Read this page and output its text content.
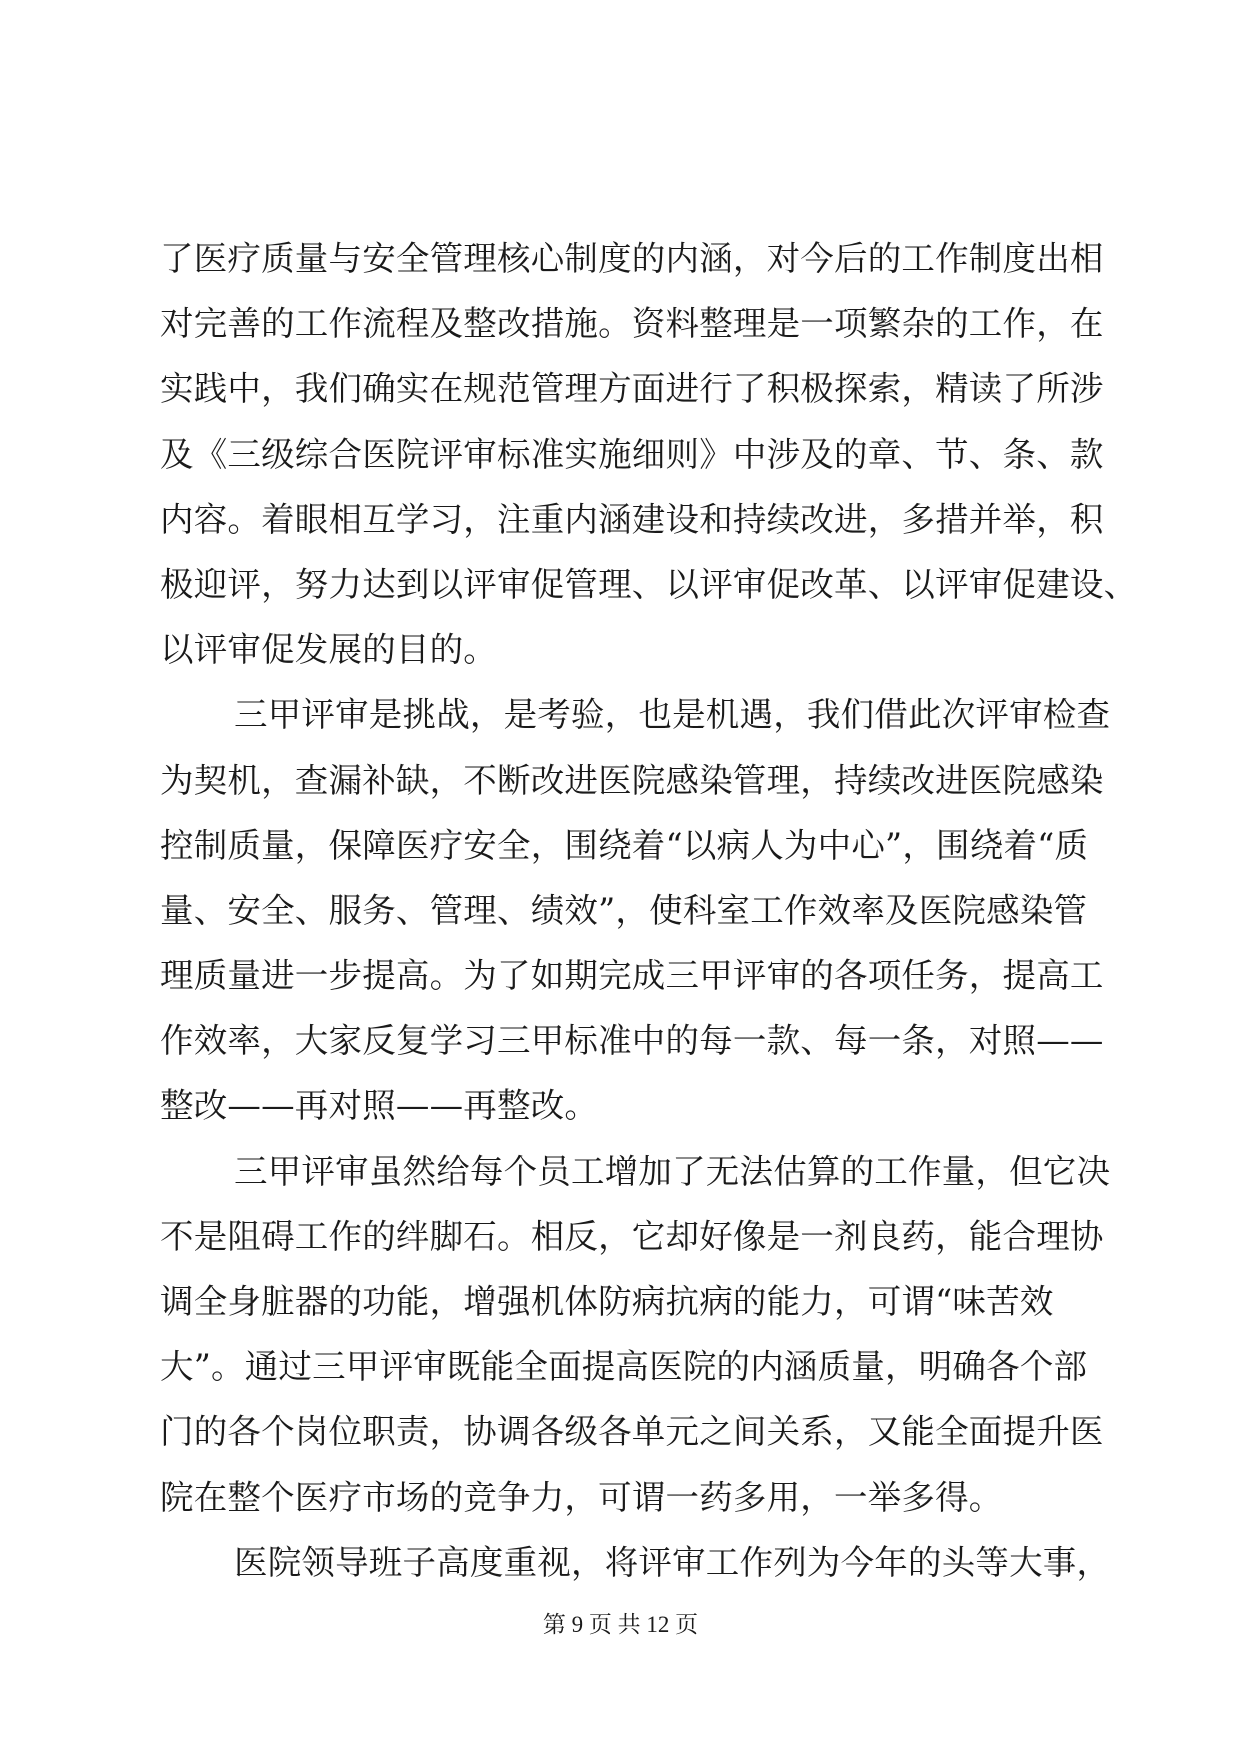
了医疗质量与安全管理核心制度的内涵，对今后的工作制度出相
对完善的工作流程及整改措施。资料整理是一项繁杂的工作，在
实践中，我们确实在规范管理方面进行了积极探索，精读了所涉
及《三级综合医院评审标准实施细则》中涉及的章、节、条、款
内容。着眼相互学习，注重内涵建设和持续改进，多措并举，积
极迎评，努力达到以评审促管理、以评审促改革、以评审促建设、
以评审促发展的目的。
三甲评审是挑战，是考验，也是机遇，我们借此次评审检查
为契机，查漏补缺，不断改进医院感染管理，持续改进医院感染
控制质量，保障医疗安全，围绕着“以病人为中心”，围绕着“质
量、安全、服务、管理、绩效”，使科室工作效率及医院感染管
理质量进一步提高。为了如期完成三甲评审的各项任务，提高工
作效率，大家反复学习三甲标准中的每一款、每一条，对照——
整改——再对照——再整改。
三甲评审虽然给每个员工增加了无法估算的工作量，但它决
不是阻碍工作的绊脚石。相反，它却好像是一剂良药，能合理协
调全身脏器的功能，增强机体防病抗病的能力，可谓“味苦效
大”。通过三甲评审既能全面提高医院的内涵质量，明确各个部
门的各个岗位职责，协调各级各单元之间关系，又能全面提升医
院在整个医疗市场的竞争力，可谓一药多用，一举多得。
医院领导班子高度重视，将评审工作列为今年的头等大事，
第 9 页 共 12 页
